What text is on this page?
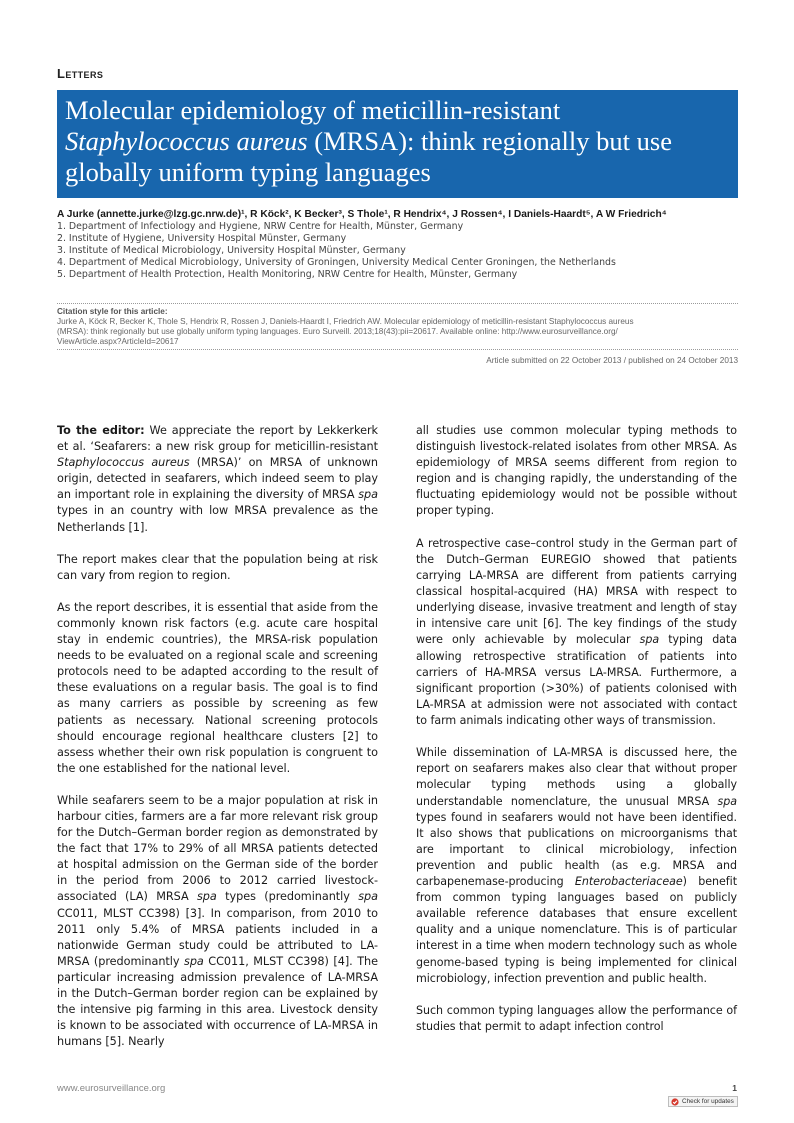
Letters
Molecular epidemiology of meticillin-resistant
Staphylococcus aureus (MRSA): think regionally but use
globally uniform typing languages
A Jurke (annette.jurke@lzg.gc.nrw.de)¹, R Köck², K Becker³, S Thole¹, R Hendrix⁴, J Rossen⁴, I Daniels-Haardt⁵, A W Friedrich⁴
1. Department of Infectiology and Hygiene, NRW Centre for Health, Münster, Germany
2. Institute of Hygiene, University Hospital Münster, Germany
3. Institute of Medical Microbiology, University Hospital Münster, Germany
4. Department of Medical Microbiology, University of Groningen, University Medical Center Groningen, the Netherlands
5. Department of Health Protection, Health Monitoring, NRW Centre for Health, Münster, Germany
Citation style for this article:
Jurke A, Köck R, Becker K, Thole S, Hendrix R, Rossen J, Daniels-Haardt I, Friedrich AW. Molecular epidemiology of meticillin-resistant Staphylococcus aureus
(MRSA): think regionally but use globally uniform typing languages. Euro Surveill. 2013;18(43):pii=20617. Available online: http://www.eurosurveillance.org/
ViewArticle.aspx?ArticleId=20617
Article submitted on 22 October 2013 / published on 24 October 2013

To the editor: We appreciate the report by Lekkerkerk et al. ‘Seafarers: a new risk group for meticillin-resistant Staphylococcus aureus (MRSA)’ on MRSA of unknown origin, detected in seafarers, which indeed seem to play an important role in explaining the diversity of MRSA spa types in an country with low MRSA prevalence as the Netherlands [1].

The report makes clear that the population being at risk can vary from region to region.

As the report describes, it is essential that aside from the commonly known risk factors (e.g. acute care hospital stay in endemic countries), the MRSA-risk population needs to be evaluated on a regional scale and screening protocols need to be adapted according to the result of these evaluations on a regular basis. The goal is to find as many carriers as possible by screening as few patients as necessary. National screening protocols should encourage regional healthcare clusters [2] to assess whether their own risk population is congruent to the one established for the national level.

While seafarers seem to be a major population at risk in harbour cities, farmers are a far more relevant risk group for the Dutch–German border region as demonstrated by the fact that 17% to 29% of all MRSA patients detected at hospital admission on the German side of the border in the period from 2006 to 2012 carried livestock-associated (LA) MRSA spa types (predominantly spa CC011, MLST CC398) [3]. In comparison, from 2010 to 2011 only 5.4% of MRSA patients included in a nationwide German study could be attributed to LA-MRSA (predominantly spa CC011, MLST CC398) [4]. The particular increasing admission prevalence of LA-MRSA in the Dutch–German border region can be explained by the intensive pig farming in this area. Livestock density is known to be associated with occurrence of LA-MRSA in humans [5]. Nearly

all studies use common molecular typing methods to distinguish livestock-related isolates from other MRSA. As epidemiology of MRSA seems different from region to region and is changing rapidly, the understanding of the fluctuating epidemiology would not be possible without proper typing.

A retrospective case–control study in the German part of the Dutch–German EUREGIO showed that patients carrying LA-MRSA are different from patients carrying classical hospital-acquired (HA) MRSA with respect to underlying disease, invasive treatment and length of stay in intensive care unit [6]. The key findings of the study were only achievable by molecular spa typing data allowing retrospective stratification of patients into carriers of HA-MRSA versus LA-MRSA. Furthermore, a significant proportion (>30%) of patients colonised with LA-MRSA at admission were not associated with contact to farm animals indicating other ways of transmission.

While dissemination of LA-MRSA is discussed here, the report on seafarers makes also clear that without proper molecular typing methods using a globally understandable nomenclature, the unusual MRSA spa types found in seafarers would not have been identified. It also shows that publications on microorganisms that are important to clinical microbiology, infection prevention and public health (as e.g. MRSA and carbapenemase-producing Enterobacteriaceae) benefit from common typing languages based on publicly available reference databases that ensure excellent quality and a unique nomenclature. This is of particular interest in a time when modern technology such as whole genome-based typing is being implemented for clinical microbiology, infection prevention and public health.

Such common typing languages allow the performance of studies that permit to adapt infection control

www.eurosurveillance.org	1
Check for updates
